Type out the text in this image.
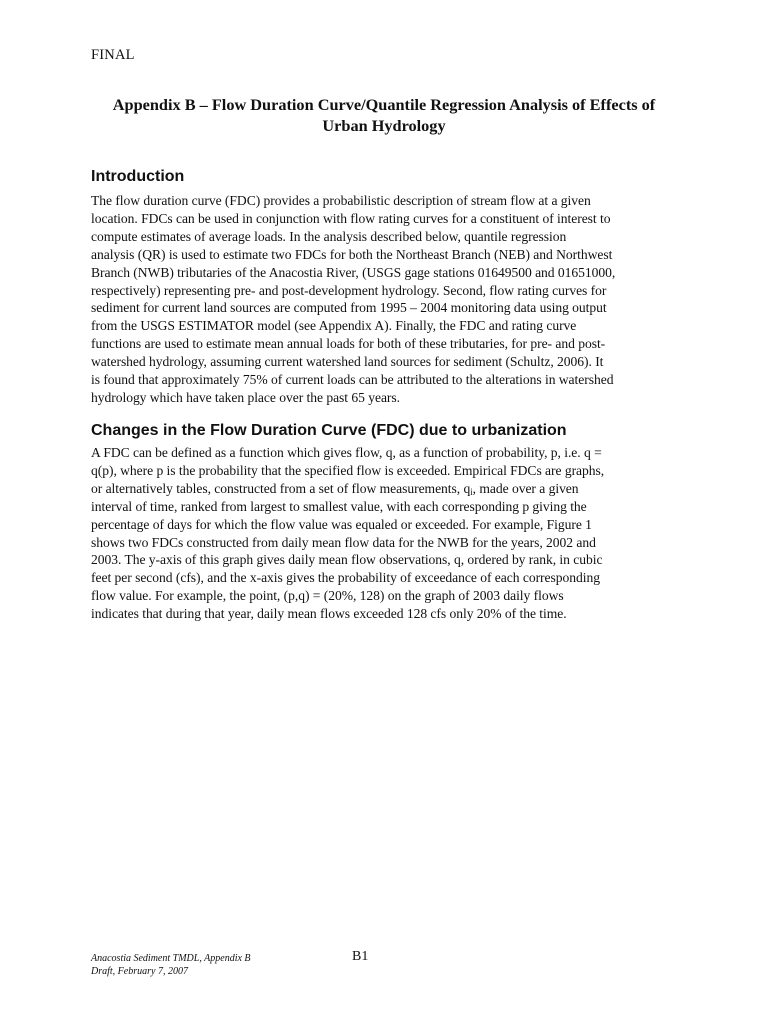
FINAL
Appendix B – Flow Duration Curve/Quantile Regression Analysis of Effects of
Urban Hydrology
Introduction
The flow duration curve (FDC) provides a probabilistic description of stream flow at a given
location. FDCs can be used in conjunction with flow rating curves for a constituent of interest to
compute estimates of average loads. In the analysis described below, quantile regression
analysis (QR) is used to estimate two FDCs for both the Northeast Branch (NEB) and Northwest
Branch (NWB) tributaries of the Anacostia River, (USGS gage stations 01649500 and 01651000,
respectively) representing pre- and post-development hydrology. Second, flow rating curves for
sediment for current land sources are computed from 1995 – 2004 monitoring data using output
from the USGS ESTIMATOR model (see Appendix A). Finally, the FDC and rating curve
functions are used to estimate mean annual loads for both of these tributaries, for pre- and post-
watershed hydrology, assuming current watershed land sources for sediment (Schultz, 2006). It
is found that approximately 75% of current loads can be attributed to the alterations in watershed
hydrology which have taken place over the past 65 years.
Changes in the Flow Duration Curve (FDC) due to urbanization
A FDC can be defined as a function which gives flow, q, as a function of probability, p, i.e. q =
q(p), where p is the probability that the specified flow is exceeded. Empirical FDCs are graphs,
or alternatively tables, constructed from a set of flow measurements, $q_i$, made over a given
interval of time, ranked from largest to smallest value, with each corresponding p giving the
percentage of days for which the flow value was equaled or exceeded. For example, Figure 1
shows two FDCs constructed from daily mean flow data for the NWB for the years, 2002 and
2003. The y-axis of this graph gives daily mean flow observations, q, ordered by rank, in cubic
feet per second (cfs), and the x-axis gives the probability of exceedance of each corresponding
flow value. For example, the point, (p,q) = (20%, 128) on the graph of 2003 daily flows
indicates that during that year, daily mean flows exceeded 128 cfs only 20% of the time.
Anacostia Sediment TMDL, Appendix B
Draft, February 7, 2007
B1
